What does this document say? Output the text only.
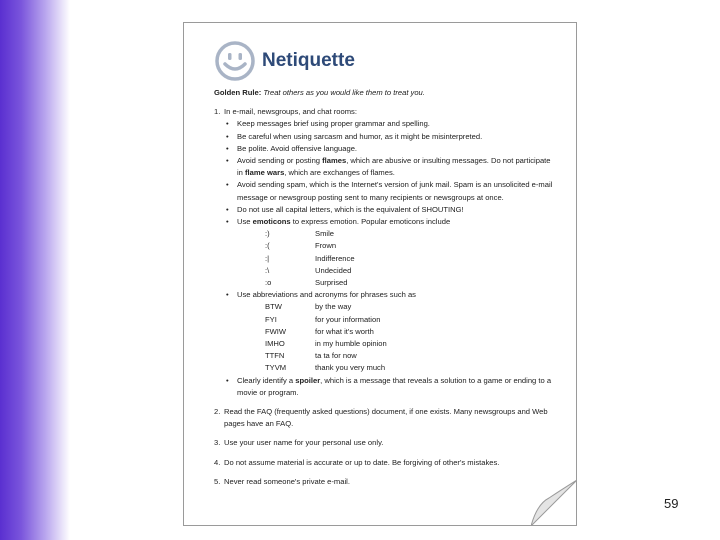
Netiquette
Golden Rule: Treat others as you would like them to treat you.
1. In e-mail, newsgroups, and chat rooms:
• Keep messages brief using proper grammar and spelling.
• Be careful when using sarcasm and humor, as it might be misinterpreted.
• Be polite. Avoid offensive language.
• Avoid sending or posting flames, which are abusive or insulting messages. Do not participate in flame wars, which are exchanges of flames.
• Avoid sending spam, which is the Internet's version of junk mail. Spam is an unsolicited e-mail message or newsgroup posting sent to many recipients or newsgroups at once.
• Do not use all capital letters, which is the equivalent of SHOUTING!
• Use emoticons to express emotion. Popular emoticons include
:)	Smile
:(	Frown
:|	Indifference
:\	Undecided
:o	Surprised
• Use abbreviations and acronyms for phrases such as
BTW	by the way
FYI	for your information
FWIW	for what it's worth
IMHO	in my humble opinion
TTFN	ta ta for now
TYVM	thank you very much
• Clearly identify a spoiler, which is a message that reveals a solution to a game or ending to a movie or program.
2. Read the FAQ (frequently asked questions) document, if one exists. Many newsgroups and Web pages have an FAQ.
3. Use your user name for your personal use only.
4. Do not assume material is accurate or up to date. Be forgiving of other's mistakes.
5. Never read someone's private e-mail.
59
